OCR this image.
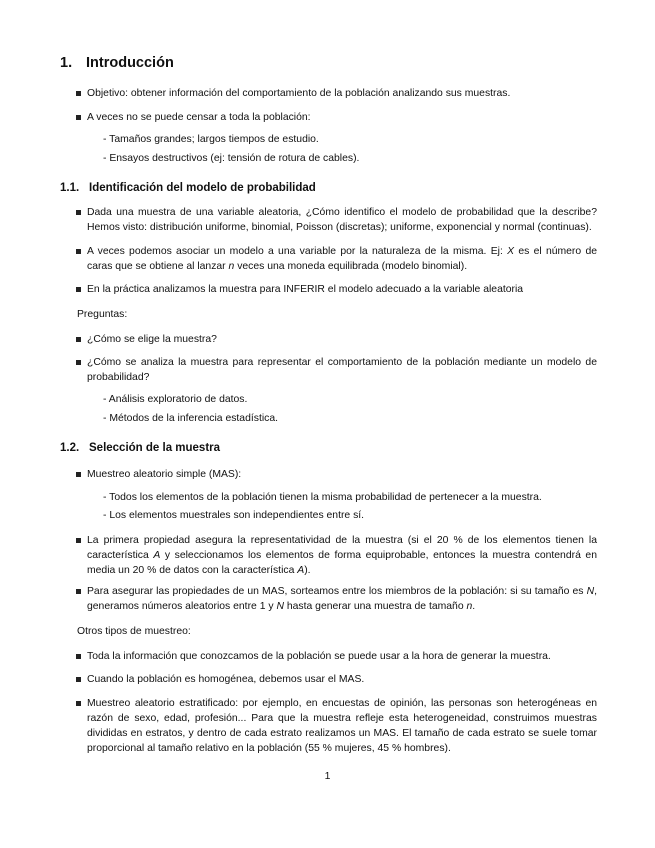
1. Introducción
Objetivo: obtener información del comportamiento de la población analizando sus muestras.
A veces no se puede censar a toda la población:
- Tamaños grandes; largos tiempos de estudio.
- Ensayos destructivos (ej: tensión de rotura de cables).
1.1. Identificación del modelo de probabilidad
Dada una muestra de una variable aleatoria, ¿Cómo identifico el modelo de probabilidad que la describe? Hemos visto: distribución uniforme, binomial, Poisson (discretas); uniforme, exponencial y normal (continuas).
A veces podemos asociar un modelo a una variable por la naturaleza de la misma. Ej: X es el número de caras que se obtiene al lanzar n veces una moneda equilibrada (modelo binomial).
En la práctica analizamos la muestra para INFERIR el modelo adecuado a la variable aleatoria
Preguntas:
¿Cómo se elige la muestra?
¿Cómo se analiza la muestra para representar el comportamiento de la población mediante un modelo de probabilidad?
- Análisis exploratorio de datos.
- Métodos de la inferencia estadística.
1.2. Selección de la muestra
Muestreo aleatorio simple (MAS):
- Todos los elementos de la población tienen la misma probabilidad de pertenecer a la muestra.
- Los elementos muestrales son independientes entre sí.
La primera propiedad asegura la representatividad de la muestra (si el 20 % de los elementos tienen la característica A y seleccionamos los elementos de forma equiprobable, entonces la muestra contendrá en media un 20 % de datos con la característica A).
Para asegurar las propiedades de un MAS, sorteamos entre los miembros de la población: si su tamaño es N, generamos números aleatorios entre 1 y N hasta generar una muestra de tamaño n.
Otros tipos de muestreo:
Toda la información que conozcamos de la población se puede usar a la hora de generar la muestra.
Cuando la población es homogénea, debemos usar el MAS.
Muestreo aleatorio estratificado: por ejemplo, en encuestas de opinión, las personas son heterogéneas en razón de sexo, edad, profesión... Para que la muestra refleje esta heterogeneidad, construimos muestras divididas en estratos, y dentro de cada estrato realizamos un MAS. El tamaño de cada estrato se suele tomar proporcional al tamaño relativo en la población (55 % mujeres, 45 % hombres).
1
